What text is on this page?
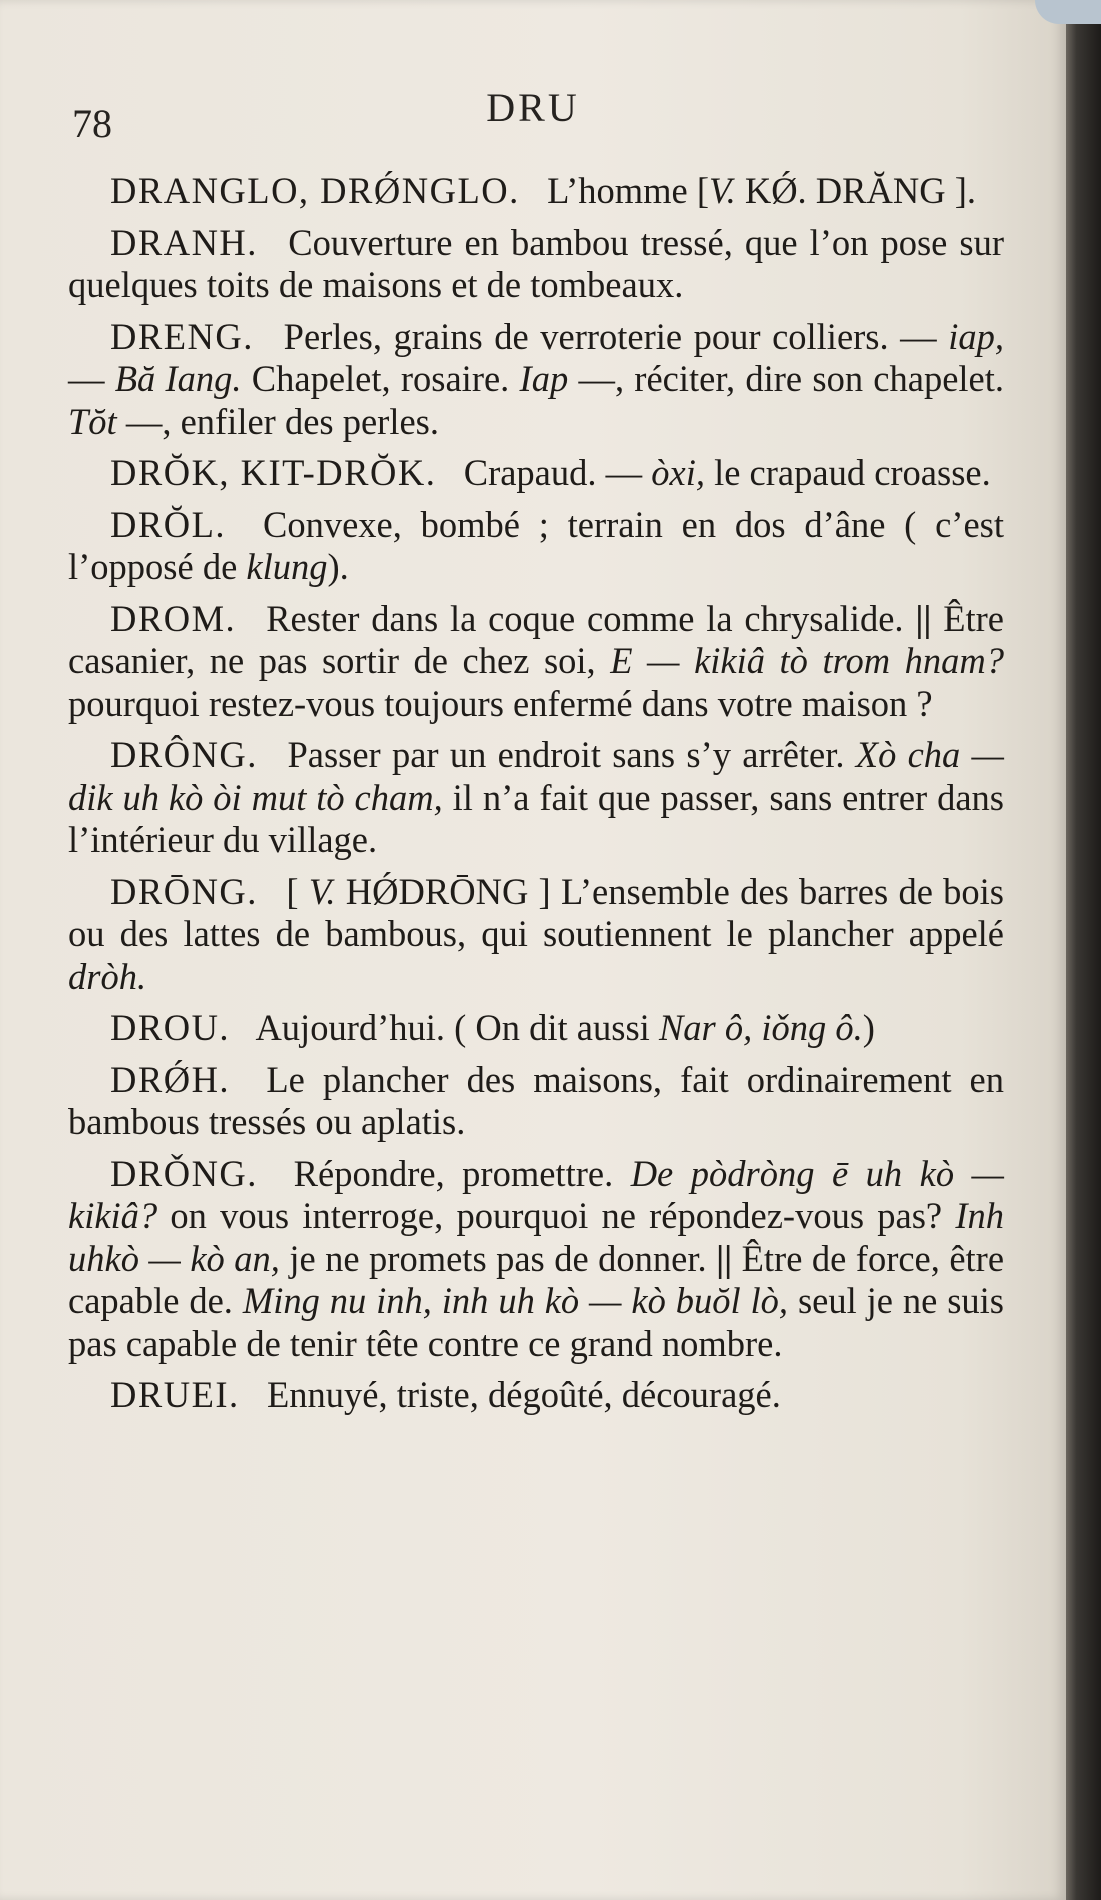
78	DRU

DRANGLO, DRǾNGLO.  L’homme [V. KǾ. DRĂNG ].

DRANH.  Couverture en bambou tressé, que l’on pose sur quelques toits de maisons et de tombeaux.

DRENG.  Perles, grains de verroterie pour colliers. — iap, — Bă Iang. Chapelet, rosaire. Iap —, réciter, dire son chapelet. Tŏt —, enfiler des perles.

DRŎK, KIT-DRŎK.  Crapaud. — òxi, le crapaud croasse.

DRŎL.  Convexe, bombé ; terrain en dos d’âne ( c’est l’opposé de klung).

DROM.  Rester dans la coque comme la chrysalide. || Être casanier, ne pas sortir de chez soi, E — kikiâ tò trom hnam? pourquoi restez-vous toujours enfermé dans votre maison ?

DRÔNG.  Passer par un endroit sans s’y arrêter. Xò cha — dik uh kò òi mut tò cham, il n’a fait que passer, sans entrer dans l’intérieur du village.

DRŌNG.  [ V. HǾDRŌNG ] L’ensemble des barres de bois ou des lattes de bambous, qui soutiennent le plancher appelé dròh.

DROU.  Aujourd’hui. ( On dit aussi Nar ô, iǒng ô.)

DRǾH.  Le plancher des maisons, fait ordinairement en bambous tressés ou aplatis.

DRǑNG.  Répondre, promettre. De pòdròng ē uh kò — kikiâ? on vous interroge, pourquoi ne répondez-vous pas? Inh uhkò — kò an, je ne promets pas de donner. || Être de force, être capable de. Ming nu inh, inh uh kò — kò buŏl lò, seul je ne suis pas capable de tenir tête contre ce grand nombre.

DRUEI.  Ennuyé, triste, dégoûté, découragé.
